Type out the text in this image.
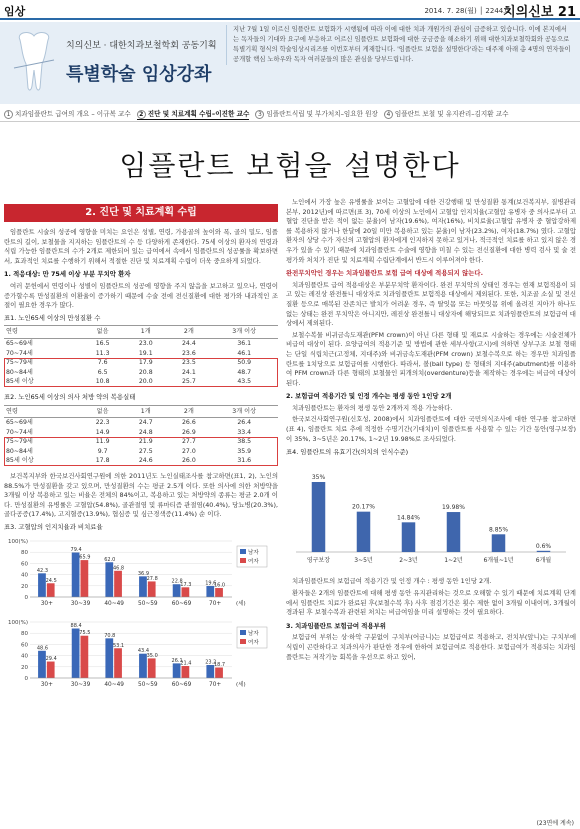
임상	2014. 7. 28(월) │ 2244호
치의신보 21
치의신보 · 대한치과보철학회 공동기획
특별학술 임상강좌
지난 7월 1일 이르신 임플란트 보험화가 시행됨에 따라 이에 대한 치과 개원가의 관심이 급증하고 있습니다. 이에 본지에서는 독자들의 기대와 요구에 부응하고 어르신 임플란트 보험화에 대한 궁금증을 해소하기 위해 대한치과보철학회와 공동으로 특별기획 형식의 학술임상시리즈를 이번호부터 게재합니다. '임플란트 보험을 설명한다'라는 대주제 아래 총 4명의 연자들이 공개할 핵심 노하우와 독자 여러분들의 많은 관심을 당부드립니다.
1 치과임플란트 급여의 개요 – 이규복 교수	2 진단 및 치료계획 수립–이진한 교수	3 임플란트식립 및 부가처치–임요한 원장	4 임플란트 보철 및 유지관리–김지환 교수
임플란트 보험을 설명한다
2. 진단 및 치료계획 수립

임플란트 시술의 성공에 영향을 미치는 요인은 성별, 연령, 가용골의 높이와 폭, 골의 밀도, 임플란트의 길이, 보철물을 지지하는 임플란트의 수 등 다양하게 존재한다. 75세 이상의 환자의 연령과 식립 가능한 임플란트의 수가 2개로 제한되어 있는 급여에서 속에서 임플란트의 성공률을 확보하면서, 효과적인 치료를 수행하기 위해서 적절한 진단 및 치료계획 수립이 더욱 중요하게 되었다.

1. 적응대상: 만 75세 이상 부분 무치악 환자

여러 문헌에서 연령이나 성별이 임플란트의 성공에 영향을 주지 않음을 보고하고 있으나, 연령이 증가할수록 만성질환의 이환율이 증가하기 때문에 수술 전에 전신질환에 대한 평가와 내과적인 조절이 필요한 경우가 많다.

표1. 노인65세 이상의 만성질환 수
연령	없음	1개	2개	3개 이상
65~69세	16.5	23.0	24.4	36.1
70~74세	11.3	19.1	23.6	46.1
75~79세	7.6	17.9	23.5	50.9
80~84세	6.5	20.8	24.1	48.7
85세 이상	10.8	20.0	25.7	43.5
표2. 노인65세 이상의 의사 처방 약의 복용실태
연령	없음	1개	2개	3개 이상
65~69세	22.3	24.7	26.6	26.4
70~74세	14.9	24.8	26.9	33.4
75~79세	11.9	21.9	27.7	38.5
80~84세	9.7	27.5	27.0	35.9
85세 이상	17.8	24.6	26.0	31.6

보건복지부와 한국보건사회연구원에 의한 2011년도 노인실태조사를 참고하면(표1, 2), 노인의 88.5%가 만성질환을 갖고 있으며, 만성질환의 수는 평균 2.5개 이다. 또한 의사에 의한 처방약을 3개월 이상 복용하고 있는 비율은 전체의 84%이고, 복용하고 있는 처방약의 종류는 평균 2.0개 이다. 만성질환의 유병률은 고혈압(54.8%), 골관절염 및 류마티즘 관절염(40.4%), 당뇨병(20.3%), 골다공증(17.4%), 고지혈증(13.9%), 협심증 및 심근경색증(11.4%) 순 이다.

표3. 고혈압의 인지치율과 비치료율
0
20
40
60
80
100(%)
42.3
24.5
30+
79.4
65.9
30~39
62.0
46.8
40~49
36.9
27.8
50~59
22.8
17.3
60~69
19.6
16.0
70+	(세)
남자
여자

0
20
40
60
80
100(%)
48.6
29.4
30+
88.4
75.5
30~39
70.8
53.1
40~49
43.4
35.0
50~59
26.1
21.4
60~69
23.2
18.7
70+	(세)
남자
여자

노인에서 가장 높은 유병률을 보이는 고혈압에 대한 건강행태 및 만성질환 통계(보건복지부, 질병관리본부, 2012년)에 따르면(표 3), 70세 이상의 노인에서 고혈압 인지치율(고혈압 유병자 중 의사로부터 고혈압 진단을 받은 적이 없는 분율)이 남자(19.6%), 여자(16%), 비치료율(고혈압 유병자 중 혈압강하제를 복용하지 않거나 한달에 20일 미만 복용하고 있는 분율)이 남자(23.2%), 여자(18.7%) 였다. 고혈압환자의 상당 수가 자신의 고혈압의 환자에게 인지하지 못하고 있거나, 적극적인 치료를 하고 있지 않은 경우가 있을 수 있기 때문에 치과임플란트 수술에 영향을 미칠 수 있는 전신질환에 대한 병력 검사 및 술 전 평가와 처치가 진단 및 치료계획 수립단계에서 반드시 이루어져야 한다.

완전무치악인 경우는 치과임플란트 보험 급여 대상에 적용되지 않는다.

치과임플란트 급여 적용대상은 부분무치악 환자이다. 완전 무치악의 상태인 경우는 현재 보험적용이 되고 있는 레진상 완전틀니 대상자로 치과임플란트 보험적용 대상에서 제외된다. 또한, 치조골 소실 및 전신질환 등으로 매복된 잔존치근 발치가 어려운 경우, 즉 탈잇몸 또는 마뭇잇몸 위에 올려진 지아가 하나도 없는 상태는 완전 무치악은 아니지만, 레진상 완전틀니 대상자에 해당되므로 치과임플란트의 보험급여 대상에서 제외된다.

보철수복물 비귀금속도재관(PFM crown)이 아닌 다른 형태 및 재료로 시술하는 경우에는 시술전체가 비급여 대상이 된다. 요양급여의 적용기준 및 방법에 관한 세부사항(고시)에 의하면 상부구조 보철 형태는 단일 식립치근(고정체, 지대주)와 비귀금속도재관(PFM crown) 보철수복으로 하는 경우만 치과임플란트를 1치당으로 보험급여를 시행한다. 따라서, 볼(ball type) 등 형태의 지대주(abutment)를 이용하여 PFM crown과 다른 형태의 보철물인 피개의치(overdenture)등을 제작하는 경우에는 비급여 대상이 된다.

2. 보험급여 적용기간 및 인정 개수는 평생 동안 1인당 2개

치과임플란트는 환자의 평생 동안 2개까지 적용 가능하다.

한국보건사회연구원(신호성, 2008)에서 치과임플란트에 대한 국민의식조사에 대한 연구를 참고하면(표 4), 임플란트 치료 추에 적정한 수명기간(기대치)이 임플란트를 사용할 수 있는 기간 동안(영구보장)이 35%, 3~5년은 20.17%, 1~2년 19.98%로 조사되었다.

표4. 임플란트의 유효기간(의치의 인식수준)
35%
영구보장
20.17%
3~5년
14.84%
2~3년
19.98%
1~2년
8.85%
6개월~1년
0.6%
6개월

치과임플란트의 보험급여 적용기간 및 인정 개수 : 평생 동안 1인당 2개.

환자들은 2개의 임플란트에 대해 평생 동안 유지관리하는 것으로 오해할 수 있기 때문에 치료계획 단계에서 임플란트 치료가 완료된 후(보철수복 후) 사후 점검기간은 횟수 제한 없이 3개월 이내이며, 3개월이 경과된 후 보철수복과 관련된 처치는 비급여임을 미리 설명하는 것이 필요하다.

3. 치과임플란트 보험급여 적용부위

보험급여 부위는 상·하악 구분없이 구치부(어금니)는 보험급여로 적용하고, 전치부(앞니)는 구치부에 식립이 곤란하다고 치과의사가 판단한 경우에 한하여 보험급여로 적용한다. 보험급여가 적용되는 치과임플란트는 저작기능 회복을 우선으로 하고 있어,

(23면에 계속)
